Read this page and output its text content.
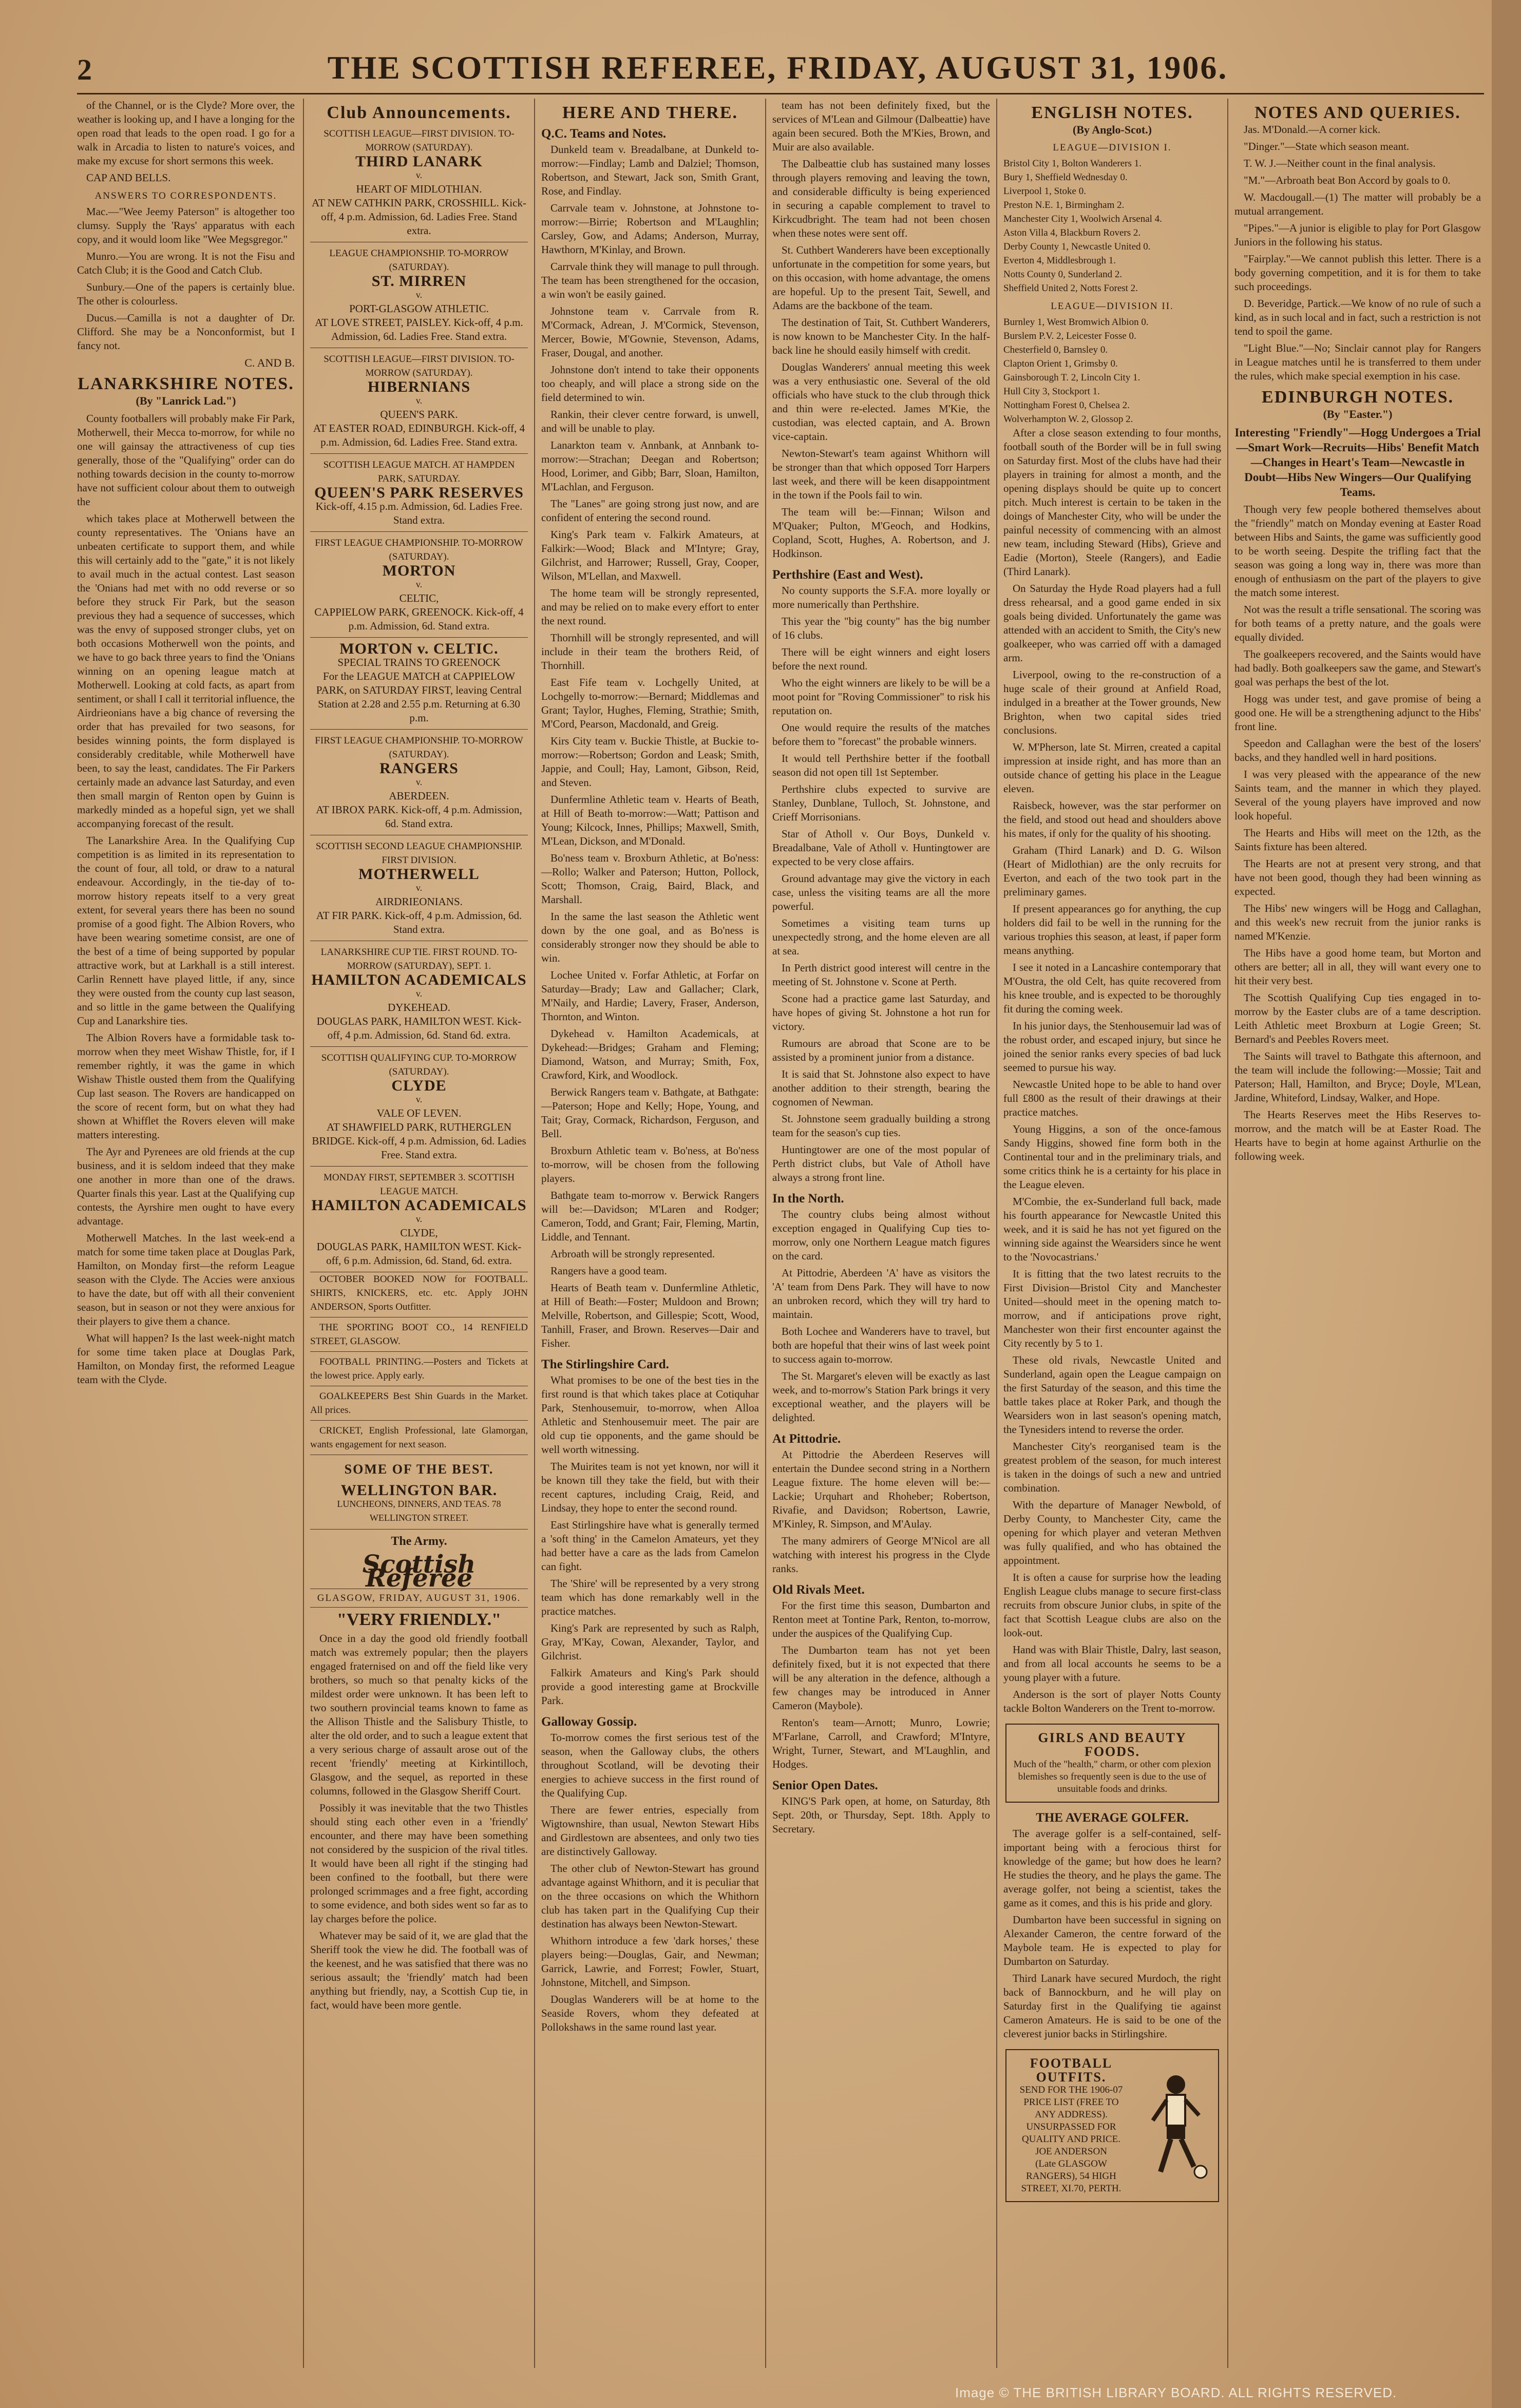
2	THE SCOTTISH REFEREE, FRIDAY, AUGUST 31, 1906.

of the Channel, or is the Clyde? More over, the weather is looking up, and I have a longing for the open road that leads to the open road. I go for a walk in Arcadia to listen to nature's voices, and make my excuse for short sermons this week.

CAP AND BELLS.

ANSWERS TO CORRESPONDENTS.

Mac.—"Wee Jeemy Paterson" is altogether too clumsy. Supply the 'Rays' apparatus with each copy, and it would loom like "Wee Megsgregor."

Munro.—You are wrong. It is not the Fisu and Catch Club; it is the Good and Catch Club.

Sunbury.—One of the papers is certainly blue. The other is colourless.

Ducus.—Camilla is not a daughter of Dr. Clifford. She may be a Nonconformist, but I fancy not.

C. AND B.
LANARKSHIRE NOTES.
(By "Lanrick Lad.")

County footballers will probably make Fir Park, Motherwell, their Mecca to-morrow, for while no one will gainsay the attractiveness of cup ties generally, those of the "Qualifying" order can do nothing towards decision in the county to-morrow have not sufficient colour about them to outweigh the

which takes place at Motherwell between the county representatives. The 'Onians have an unbeaten certificate to support them, and while this will certainly add to the "gate," it is not likely to avail much in the actual contest. Last season the 'Onians had met with no odd reverse or so before they struck Fir Park, but the season previous they had a sequence of successes, which was the envy of supposed stronger clubs, yet on both occasions Motherwell won the points, and we have to go back three years to find the 'Onians winning on an opening league match at Motherwell. Looking at cold facts, as apart from sentiment, or shall I call it territorial influence, the Airdrieonians have a big chance of reversing the order that has prevailed for two seasons, for besides winning points, the form displayed is considerably creditable, while Motherwell have been, to say the least, candidates. The Fir Parkers certainly made an advance last Saturday, and even then small margin of Renton open by Guinn is markedly minded as a hopeful sign, yet we shall accompanying forecast of the result.

The Lanarkshire Area. In the Qualifying Cup competition is as limited in its representation to the count of four, all told, or draw to a natural endeavour. Accordingly, in the tie-day of to-morrow history repeats itself to a very great extent, for several years there has been no sound promise of a good fight. The Albion Rovers, who have been wearing sometime consist, are one of the best of a time of being supported by popular attractive work, but at Larkhall is a still interest. Carlin Rennett have played little, if any, since they were ousted from the county cup last season, and so little in the game between the Qualifying Cup and Lanarkshire ties.

The Albion Rovers have a formidable task to-morrow when they meet Wishaw Thistle, for, if I remember rightly, it was the game in which Wishaw Thistle ousted them from the Qualifying Cup last season. The Rovers are handicapped on the score of recent form, but on what they had shown at Whifflet the Rovers eleven will make matters interesting.

The Ayr and Pyrenees are old friends at the cup business, and it is seldom indeed that they make one another in more than one of the draws. Quarter finals this year. Last at the Qualifying cup contests, the Ayrshire men ought to have every advantage.

Motherwell Matches. In the last week-end a match for some time taken place at Douglas Park, Hamilton, on Monday first—the reform League season with the Clyde. The Accies were anxious to have the date, but off with all their convenient season, but in season or not they were anxious for their players to give them a chance.

What will happen? Is the last week-night match for some time taken place at Douglas Park, Hamilton, on Monday first, the reformed League team with the Clyde.

Club Announcements.
SCOTTISH LEAGUE—FIRST DIVISION. TO-MORROW (SATURDAY).
THIRD LANARK
v.
HEART OF MIDLOTHIAN.
AT NEW CATHKIN PARK, CROSSHILL. Kick-off, 4 p.m. Admission, 6d. Ladies Free. Stand extra.
LEAGUE CHAMPIONSHIP. TO-MORROW (SATURDAY).
ST. MIRREN
v.
PORT-GLASGOW ATHLETIC.
AT LOVE STREET, PAISLEY. Kick-off, 4 p.m. Admission, 6d. Ladies Free. Stand extra.
SCOTTISH LEAGUE—FIRST DIVISION. TO-MORROW (SATURDAY).
HIBERNIANS
v.
QUEEN'S PARK.
AT EASTER ROAD, EDINBURGH. Kick-off, 4 p.m. Admission, 6d. Ladies Free. Stand extra.
SCOTTISH LEAGUE MATCH. AT HAMPDEN PARK, SATURDAY.
QUEEN'S PARK RESERVES
Kick-off, 4.15 p.m. Admission, 6d. Ladies Free. Stand extra.
FIRST LEAGUE CHAMPIONSHIP. TO-MORROW (SATURDAY).
MORTON
v.
CELTIC,
CAPPIELOW PARK, GREENOCK. Kick-off, 4 p.m. Admission, 6d. Stand extra.
MORTON v. CELTIC.
SPECIAL TRAINS TO GREENOCK
For the LEAGUE MATCH at CAPPIELOW PARK, on SATURDAY FIRST, leaving Central Station at 2.28 and 2.55 p.m. Returning at 6.30 p.m.
FIRST LEAGUE CHAMPIONSHIP. TO-MORROW (SATURDAY).
RANGERS
v.
ABERDEEN.
AT IBROX PARK. Kick-off, 4 p.m. Admission, 6d. Stand extra.
SCOTTISH SECOND LEAGUE CHAMPIONSHIP. FIRST DIVISION.
MOTHERWELL
v.
AIRDRIEONIANS.
AT FIR PARK. Kick-off, 4 p.m. Admission, 6d. Stand extra.
LANARKSHIRE CUP TIE. FIRST ROUND. TO-MORROW (SATURDAY), SEPT. 1.
HAMILTON ACADEMICALS
v.
DYKEHEAD.
DOUGLAS PARK, HAMILTON WEST. Kick-off, 4 p.m. Admission, 6d. Stand 6d. extra.
SCOTTISH QUALIFYING CUP. TO-MORROW (SATURDAY).
CLYDE
v.
VALE OF LEVEN.
AT SHAWFIELD PARK, RUTHERGLEN BRIDGE. Kick-off, 4 p.m. Admission, 6d. Ladies Free. Stand extra.
MONDAY FIRST, SEPTEMBER 3. SCOTTISH LEAGUE MATCH.
HAMILTON ACADEMICALS
v.
CLYDE,
DOUGLAS PARK, HAMILTON WEST. Kick-off, 6 p.m. Admission, 6d. Stand, 6d. extra.

OCTOBER BOOKED NOW for FOOTBALL. SHIRTS, KNICKERS, etc. etc. Apply JOHN ANDERSON, Sports Outfitter.

THE SPORTING BOOT CO., 14 RENFIELD STREET, GLASGOW.

FOOTBALL PRINTING.—Posters and Tickets at the lowest price. Apply early.

GOALKEEPERS Best Shin Guards in the Market. All prices.

CRICKET, English Professional, late Glamorgan, wants engagement for next season.

SOME OF THE BEST.
WELLINGTON BAR.
LUNCHEONS, DINNERS, AND TEAS. 78 WELLINGTON STREET.
The Army.
Scottish Referee
GLASGOW, FRIDAY, AUGUST 31, 1906.
"VERY FRIENDLY."

Once in a day the good old friendly football match was extremely popular; then the players engaged fraternised on and off the field like very brothers, so much so that penalty kicks of the mildest order were unknown. It has been left to two southern provincial teams known to fame as the Allison Thistle and the Salisbury Thistle, to alter the old order, and to such a league extent that a very serious charge of assault arose out of the recent 'friendly' meeting at Kirkintilloch, Glasgow, and the sequel, as reported in these columns, followed in the Glasgow Sheriff Court.

Possibly it was inevitable that the two Thistles should sting each other even in a 'friendly' encounter, and there may have been something not considered by the suspicion of the rival titles. It would have been all right if the stinging had been confined to the football, but there were prolonged scrimmages and a free fight, according to some evidence, and both sides went so far as to lay charges before the police.

Whatever may be said of it, we are glad that the Sheriff took the view he did. The football was of the keenest, and he was satisfied that there was no serious assault; the 'friendly' match had been anything but friendly, nay, a Scottish Cup tie, in fact, would have been more gentle.

HERE AND THERE.
Q.C. Teams and Notes.

Dunkeld team v. Breadalbane, at Dunkeld to-morrow:—Findlay; Lamb and Dalziel; Thomson, Robertson, and Stewart, Jack son, Smith Grant, Rose, and Findlay.

Carrvale team v. Johnstone, at Johnstone to-morrow:—Birrie; Robertson and M'Laughlin; Carsley, Gow, and Adams; Anderson, Murray, Hawthorn, M'Kinlay, and Brown.

Carrvale think they will manage to pull through. The team has been strengthened for the occasion, a win won't be easily gained.

Johnstone team v. Carrvale from R. M'Cormack, Adrean, J. M'Cormick, Stevenson, Mercer, Bowie, M'Gownie, Stevenson, Adams, Fraser, Dougal, and another.

Johnstone don't intend to take their opponents too cheaply, and will place a strong side on the field determined to win.

Rankin, their clever centre forward, is unwell, and will be unable to play.

Lanarkton team v. Annbank, at Annbank to-morrow:—Strachan; Deegan and Robertson; Hood, Lorimer, and Gibb; Barr, Sloan, Hamilton, M'Lachlan, and Ferguson.

The "Lanes" are going strong just now, and are confident of entering the second round.

King's Park team v. Falkirk Amateurs, at Falkirk:—Wood; Black and M'Intyre; Gray, Gilchrist, and Harrower; Russell, Gray, Cooper, Wilson, M'Lellan, and Maxwell.

The home team will be strongly represented, and may be relied on to make every effort to enter the next round.

Thornhill will be strongly represented, and will include in their team the brothers Reid, of Thornhill.

East Fife team v. Lochgelly United, at Lochgelly to-morrow:—Bernard; Middlemas and Grant; Taylor, Hughes, Fleming, Strathie; Smith, M'Cord, Pearson, Macdonald, and Greig.

Kirs City team v. Buckie Thistle, at Buckie to-morrow:—Robertson; Gordon and Leask; Smith, Jappie, and Coull; Hay, Lamont, Gibson, Reid, and Steven.

Dunfermline Athletic team v. Hearts of Beath, at Hill of Beath to-morrow:—Watt; Pattison and Young; Kilcock, Innes, Phillips; Maxwell, Smith, M'Lean, Dickson, and M'Donald.

Bo'ness team v. Broxburn Athletic, at Bo'ness:—Rollo; Walker and Paterson; Hutton, Pollock, Scott; Thomson, Craig, Baird, Black, and Marshall.

In the same the last season the Athletic went down by the one goal, and as Bo'ness is considerably stronger now they should be able to win.

Lochee United v. Forfar Athletic, at Forfar on Saturday—Brady; Law and Gallacher; Clark, M'Naily, and Hardie; Lavery, Fraser, Anderson, Thornton, and Winton.

Dykehead v. Hamilton Academicals, at Dykehead:—Bridges; Graham and Fleming; Diamond, Watson, and Murray; Smith, Fox, Crawford, Kirk, and Woodlock.

Berwick Rangers team v. Bathgate, at Bathgate:—Paterson; Hope and Kelly; Hope, Young, and Tait; Gray, Cormack, Richardson, Ferguson, and Bell.

Broxburn Athletic team v. Bo'ness, at Bo'ness to-morrow, will be chosen from the following players.

Bathgate team to-morrow v. Berwick Rangers will be:—Davidson; M'Laren and Rodger; Cameron, Todd, and Grant; Fair, Fleming, Martin, Liddle, and Tennant.

Arbroath will be strongly represented.

Rangers have a good team.

Hearts of Beath team v. Dunfermline Athletic, at Hill of Beath:—Foster; Muldoon and Brown; Melville, Robertson, and Gillespie; Scott, Wood, Tanhill, Fraser, and Brown. Reserves—Dair and Fisher.

The Stirlingshire Card.

What promises to be one of the best ties in the first round is that which takes place at Cotiquhar Park, Stenhousemuir, to-morrow, when Alloa Athletic and Stenhousemuir meet. The pair are old cup tie opponents, and the game should be well worth witnessing.

The Muirites team is not yet known, nor will it be known till they take the field, but with their recent captures, including Craig, Reid, and Lindsay, they hope to enter the second round.

East Stirlingshire have what is generally termed a 'soft thing' in the Camelon Amateurs, yet they had better have a care as the lads from Camelon can fight.

The 'Shire' will be represented by a very strong team which has done remarkably well in the practice matches.

King's Park are represented by such as Ralph, Gray, M'Kay, Cowan, Alexander, Taylor, and Gilchrist.

Falkirk Amateurs and King's Park should provide a good interesting game at Brockville Park.

Galloway Gossip.

To-morrow comes the first serious test of the season, when the Galloway clubs, the others throughout Scotland, will be devoting their energies to achieve success in the first round of the Qualifying Cup.

There are fewer entries, especially from Wigtownshire, than usual, Newton Stewart Hibs and Girdlestown are absentees, and only two ties are distinctively Galloway.

The other club of Newton-Stewart has ground advantage against Whithorn, and it is peculiar that on the three occasions on which the Whithorn club has taken part in the Qualifying Cup their destination has always been Newton-Stewart.

Whithorn introduce a few 'dark horses,' these players being:—Douglas, Gair, and Newman; Garrick, Lawrie, and Forrest; Fowler, Stuart, Johnstone, Mitchell, and Simpson.

Douglas Wanderers will be at home to the Seaside Rovers, whom they defeated at Pollokshaws in the same round last year.

team has not been definitely fixed, but the services of M'Lean and Gilmour (Dalbeattie) have again been secured. Both the M'Kies, Brown, and Muir are also available.

The Dalbeattie club has sustained many losses through players removing and leaving the town, and considerable difficulty is being experienced in securing a capable complement to travel to Kirkcudbright. The team had not been chosen when these notes were sent off.

St. Cuthbert Wanderers have been exceptionally unfortunate in the competition for some years, but on this occasion, with home advantage, the omens are hopeful. Up to the present Tait, Sewell, and Adams are the backbone of the team.

The destination of Tait, St. Cuthbert Wanderers, is now known to be Manchester City. In the half-back line he should easily himself with credit.

Douglas Wanderers' annual meeting this week was a very enthusiastic one. Several of the old officials who have stuck to the club through thick and thin were re-elected. James M'Kie, the custodian, was elected captain, and A. Brown vice-captain.

Newton-Stewart's team against Whithorn will be stronger than that which opposed Torr Harpers last week, and there will be keen disappointment in the town if the Pools fail to win.

The team will be:—Finnan; Wilson and M'Quaker; Pulton, M'Geoch, and Hodkins, Copland, Scott, Hughes, A. Robertson, and J. Hodkinson.

Perthshire (East and West).

No county supports the S.F.A. more loyally or more numerically than Perthshire.

This year the "big county" has the big number of 16 clubs.

There will be eight winners and eight losers before the next round.

Who the eight winners are likely to be will be a moot point for "Roving Commissioner" to risk his reputation on.

One would require the results of the matches before them to "forecast" the probable winners.

It would tell Perthshire better if the football season did not open till 1st September.

Perthshire clubs expected to survive are Stanley, Dunblane, Tulloch, St. Johnstone, and Crieff Morrisonians.

Star of Atholl v. Our Boys, Dunkeld v. Breadalbane, Vale of Atholl v. Huntingtower are expected to be very close affairs.

Ground advantage may give the victory in each case, unless the visiting teams are all the more powerful.

Sometimes a visiting team turns up unexpectedly strong, and the home eleven are all at sea.

In Perth district good interest will centre in the meeting of St. Johnstone v. Scone at Perth.

Scone had a practice game last Saturday, and have hopes of giving St. Johnstone a hot run for victory.

Rumours are abroad that Scone are to be assisted by a prominent junior from a distance.

It is said that St. Johnstone also expect to have another addition to their strength, bearing the cognomen of Newman.

St. Johnstone seem gradually building a strong team for the season's cup ties.

Huntingtower are one of the most popular of Perth district clubs, but Vale of Atholl have always a strong front line.

In the North.

The country clubs being almost without exception engaged in Qualifying Cup ties to-morrow, only one Northern League match figures on the card.

At Pittodrie, Aberdeen 'A' have as visitors the 'A' team from Dens Park. They will have to now an unbroken record, which they will try hard to maintain.

Both Lochee and Wanderers have to travel, but both are hopeful that their wins of last week point to success again to-morrow.

The St. Margaret's eleven will be exactly as last week, and to-morrow's Station Park brings it very exceptional weather, and the players will be delighted.

At Pittodrie.

At Pittodrie the Aberdeen Reserves will entertain the Dundee second string in a Northern League fixture. The home eleven will be:—Lackie; Urquhart and Rhoheber; Robertson, Rivafie, and Davidson; Robertson, Lawrie, M'Kinley, R. Simpson, and M'Aulay.

The many admirers of George M'Nicol are all watching with interest his progress in the Clyde ranks.

Old Rivals Meet.

For the first time this season, Dumbarton and Renton meet at Tontine Park, Renton, to-morrow, under the auspices of the Qualifying Cup.

The Dumbarton team has not yet been definitely fixed, but it is not expected that there will be any alteration in the defence, although a few changes may be introduced in Anner Cameron (Maybole).

Renton's team—Arnott; Munro, Lowrie; M'Farlane, Carroll, and Crawford; M'Intyre, Wright, Turner, Stewart, and M'Laughlin, and Hodges.

Senior Open Dates.

KING'S Park open, at home, on Saturday, 8th Sept. 20th, or Thursday, Sept. 18th. Apply to Secretary.

ENGLISH NOTES.
(By Anglo-Scot.)
LEAGUE—DIVISION I.
Bristol City 1, Bolton Wanderers 1.
Bury 1, Sheffield Wednesday 0.
Liverpool 1, Stoke 0.
Preston N.E. 1, Birmingham 2.
Manchester City 1, Woolwich Arsenal 4.
Aston Villa 4, Blackburn Rovers 2.
Derby County 1, Newcastle United 0.
Everton 4, Middlesbrough 1.
Notts County 0, Sunderland 2.
Sheffield United 2, Notts Forest 2.
LEAGUE—DIVISION II.
Burnley 1, West Bromwich Albion 0.
Burslem P.V. 2, Leicester Fosse 0.
Chesterfield 0, Barnsley 0.
Clapton Orient 1, Grimsby 0.
Gainsborough T. 2, Lincoln City 1.
Hull City 3, Stockport 1.
Nottingham Forest 0, Chelsea 2.
Wolverhampton W. 2, Glossop 2.

After a close season extending to four months, football south of the Border will be in full swing on Saturday first. Most of the clubs have had their players in training for almost a month, and the opening displays should be quite up to concert pitch. Much interest is certain to be taken in the doings of Manchester City, who will be under the painful necessity of commencing with an almost new team, including Steward (Hibs), Grieve and Eadie (Morton), Steele (Rangers), and Eadie (Third Lanark).

On Saturday the Hyde Road players had a full dress rehearsal, and a good game ended in six goals being divided. Unfortunately the game was attended with an accident to Smith, the City's new goalkeeper, who was carried off with a damaged arm.

Liverpool, owing to the re-construction of a huge scale of their ground at Anfield Road, indulged in a breather at the Tower grounds, New Brighton, when two capital sides tried conclusions.

W. M'Pherson, late St. Mirren, created a capital impression at inside right, and has more than an outside chance of getting his place in the League eleven.

Raisbeck, however, was the star performer on the field, and stood out head and shoulders above his mates, if only for the quality of his shooting.

Graham (Third Lanark) and D. G. Wilson (Heart of Midlothian) are the only recruits for Everton, and each of the two took part in the preliminary games.

If present appearances go for anything, the cup holders did fail to be well in the running for the various trophies this season, at least, if paper form means anything.

I see it noted in a Lancashire contemporary that M'Oustra, the old Celt, has quite recovered from his knee trouble, and is expected to be thoroughly fit during the coming week.

In his junior days, the Stenhousemuir lad was of the robust order, and escaped injury, but since he joined the senior ranks every species of bad luck seemed to pursue his way.

Newcastle United hope to be able to hand over full £800 as the result of their drawings at their practice matches.

Young Higgins, a son of the once-famous Sandy Higgins, showed fine form both in the Continental tour and in the preliminary trials, and some critics think he is a certainty for his place in the League eleven.

M'Combie, the ex-Sunderland full back, made his fourth appearance for Newcastle United this week, and it is said he has not yet figured on the winning side against the Wearsiders since he went to the 'Novocastrians.'

It is fitting that the two latest recruits to the First Division—Bristol City and Manchester United—should meet in the opening match to-morrow, and if anticipations prove right, Manchester won their first encounter against the City recently by 5 to 1.

These old rivals, Newcastle United and Sunderland, again open the League campaign on the first Saturday of the season, and this time the battle takes place at Roker Park, and though the Wearsiders won in last season's opening match, the Tynesiders intend to reverse the order.

Manchester City's reorganised team is the greatest problem of the season, for much interest is taken in the doings of such a new and untried combination.

With the departure of Manager Newbold, of Derby County, to Manchester City, came the opening for which player and veteran Methven was fully qualified, and who has obtained the appointment.

It is often a cause for surprise how the leading English League clubs manage to secure first-class recruits from obscure Junior clubs, in spite of the fact that Scottish League clubs are also on the look-out.

Hand was with Blair Thistle, Dalry, last season, and from all local accounts he seems to be a young player with a future.

Anderson is the sort of player Notts County tackle Bolton Wanderers on the Trent to-morrow.

GIRLS AND BEAUTY FOODS.
Much of the "health," charm, or other com plexion blemishes so frequently seen is due to the use of unsuitable foods and drinks.
THE AVERAGE GOLFER.

The average golfer is a self-contained, self-important being with a ferocious thirst for knowledge of the game; but how does he learn? He studies the theory, and he plays the game. The average golfer, not being a scientist, takes the game as it comes, and this is his pride and glory.

Dumbarton have been successful in signing on Alexander Cameron, the centre forward of the Maybole team. He is expected to play for Dumbarton on Saturday.

Third Lanark have secured Murdoch, the right back of Bannockburn, and he will play on Saturday first in the Qualifying tie against Cameron Amateurs. He is said to be one of the cleverest junior backs in Stirlingshire.

FOOTBALL OUTFITS.
SEND FOR THE 1906-07 PRICE LIST (FREE TO ANY ADDRESS).
UNSURPASSED FOR QUALITY AND PRICE.
JOE ANDERSON
(Late GLASGOW RANGERS), 54 HIGH STREET, XI.70, PERTH.
NOTES AND QUERIES.

Jas. M'Donald.—A corner kick.

"Dinger."—State which season meant.

T. W. J.—Neither count in the final analysis.

"M."—Arbroath beat Bon Accord by goals to 0.

W. Macdougall.—(1) The matter will probably be a mutual arrangement.

"Pipes."—A junior is eligible to play for Port Glasgow Juniors in the following his status.

"Fairplay."—We cannot publish this letter. There is a body governing competition, and it is for them to take such proceedings.

D. Beveridge, Partick.—We know of no rule of such a kind, as in such local and in fact, such a restriction is not tend to spoil the game.

"Light Blue."—No; Sinclair cannot play for Rangers in League matches until he is transferred to them under the rules, which make special exemption in his case.

EDINBURGH NOTES.
(By "Easter.")

Interesting "Friendly"—Hogg Undergoes a Trial—Smart Work—Recruits—Hibs' Benefit Match—Changes in Heart's Team—Newcastle in Doubt—Hibs New Wingers—Our Qualifying Teams.

Though very few people bothered themselves about the "friendly" match on Monday evening at Easter Road between Hibs and Saints, the game was sufficiently good to be worth seeing. Despite the trifling fact that the season was going a long way in, there was more than enough of enthusiasm on the part of the players to give the match some interest.

Not was the result a trifle sensational. The scoring was for both teams of a pretty nature, and the goals were equally divided.

The goalkeepers recovered, and the Saints would have had badly. Both goalkeepers saw the game, and Stewart's goal was perhaps the best of the lot.

Hogg was under test, and gave promise of being a good one. He will be a strengthening adjunct to the Hibs' front line.

Speedon and Callaghan were the best of the losers' backs, and they handled well in hard positions.

I was very pleased with the appearance of the new Saints team, and the manner in which they played. Several of the young players have improved and now look hopeful.

The Hearts and Hibs will meet on the 12th, as the Saints fixture has been altered.

The Hearts are not at present very strong, and that have not been good, though they had been winning as expected.

The Hibs' new wingers will be Hogg and Callaghan, and this week's new recruit from the junior ranks is named M'Kenzie.

The Hibs have a good home team, but Morton and others are better; all in all, they will want every one to hit their very best.

The Scottish Qualifying Cup ties engaged in to-morrow by the Easter clubs are of a tame description. Leith Athletic meet Broxburn at Logie Green; St. Bernard's and Peebles Rovers meet.

The Saints will travel to Bathgate this afternoon, and the team will include the following:—Mossie; Tait and Paterson; Hall, Hamilton, and Bryce; Doyle, M'Lean, Jardine, Whiteford, Lindsay, Walker, and Hope.

The Hearts Reserves meet the Hibs Reserves to-morrow, and the match will be at Easter Road. The Hearts have to begin at home against Arthurlie on the following week.

Image © THE BRITISH LIBRARY BOARD. ALL RIGHTS RESERVED.
